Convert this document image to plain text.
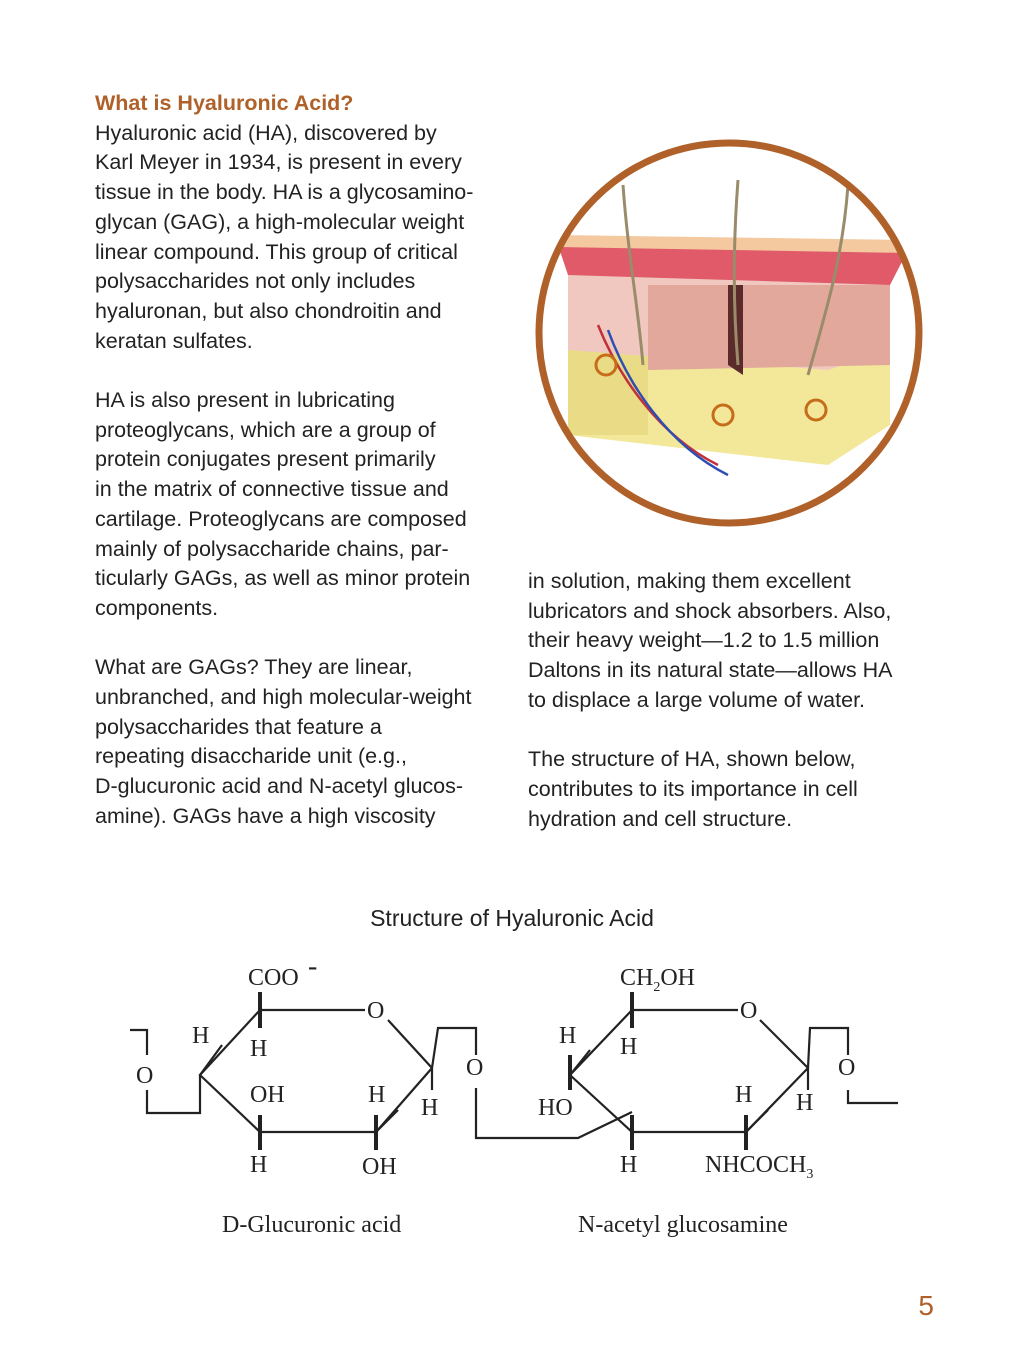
What is Hyaluronic Acid?

Hyaluronic acid (HA), discovered by

Karl Meyer in 1934, is present in every

tissue in the body. HA is a glycosamino-

glycan (GAG), a high-molecular weight

linear compound. This group of critical

polysaccharides not only includes

hyaluronan, but also chondroitin and

keratan sulfates.

HA is also present in lubricating

proteoglycans, which are a group of

protein conjugates present primarily

in the matrix of connective tissue and

cartilage. Proteoglycans are composed

mainly of polysaccharide chains, par-

ticularly GAGs, as well as minor protein

components.

What are GAGs? They are linear,

unbranched, and high molecular-weight

polysaccharides that feature a

repeating disaccharide unit (e.g.,

D-glucuronic acid and N-acetyl glucos-

amine). GAGs have a high viscosity

in solution, making them excellent

lubricators and shock absorbers. Also,

their heavy weight—1.2 to 1.5 million

Daltons in its natural state—allows HA

to displace a large volume of water.

The structure of HA, shown below,

contributes to its importance in cell

hydration and cell structure.

Structure of Hyaluronic Acid
COO -
O
O
H H
OH	H H
H	OH
O
$CH_2OH$
O
H H
HO	H H
O
H	$NHCOCH_3$
D-Glucuronic acid	N-acetyl glucosamine
5
